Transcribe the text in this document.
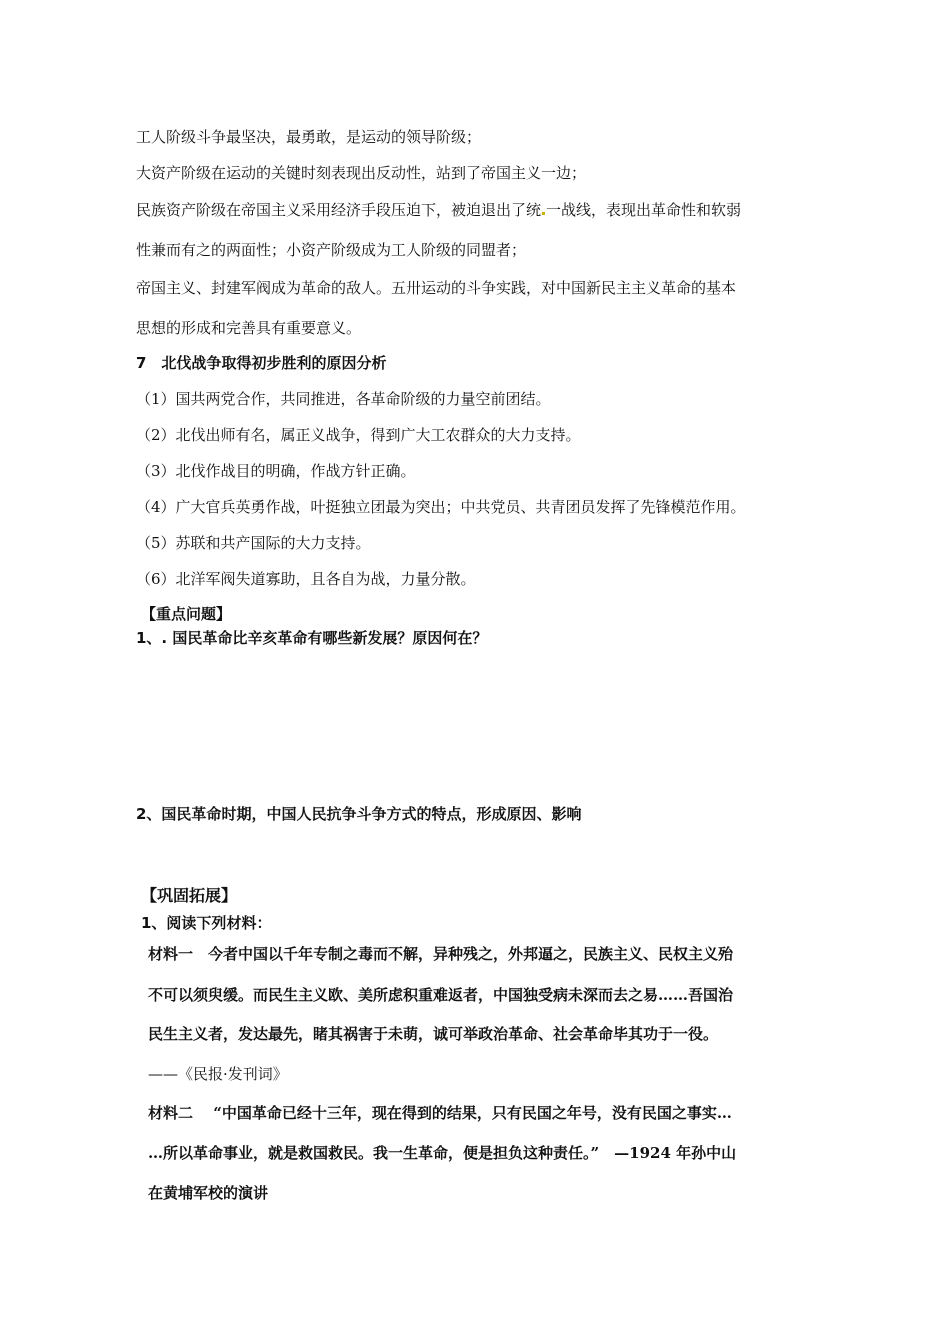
工人阶级斗争最坚决，最勇敢，是运动的领导阶级；
大资产阶级在运动的关键时刻表现出反动性，站到了帝国主义一边；
民族资产阶级在帝国主义采用经济手段压迫下，被迫退出了统 一战线，表现出革命性和软弱
性兼而有之的两面性；小资产阶级成为工人阶级的同盟者；
帝国主义、封建军阀成为革命的敌人。五卅运动的斗争实践，对中国新民主主义革命的基本
思想的形成和完善具有重要意义。
7　北伐战争取得初步胜利的原因分析
（1）国共两党合作，共同推进，各革命阶级的力量空前团结。
（2）北伐出师有名，属正义战争，得到广大工农群众的大力支持。
（3）北伐作战目的明确，作战方针正确。
（4）广大官兵英勇作战，叶挺独立团最为突出；中共党员、共青团员发挥了先锋模范作用。
（5）苏联和共产国际的大力支持。
（6）北洋军阀失道寡助，且各自为战，力量分散。
【重点问题】
1、. 国民革命比辛亥革命有哪些新发展？原因何在？
2、国民革命时期，中国人民抗争斗争方式的特点，形成原因、影响
【巩固拓展】
1、阅读下列材料：
材料一　今者中国以千年专制之毒而不解，异种残之，外邦逼之，民族主义、民权主义殆
不可以须臾缓。而民生主义欧、美所虑积重难返者，中国独受病未深而去之易……吾国治
民生主义者，发达最先，睹其祸害于未萌，诚可举政治革命、社会革命毕其功于一役。
——《民报·发刊词》
材料二　 “中国革命已经十三年，现在得到的结果，只有民国之年号，没有民国之事实…
…所以革命事业，就是救国救民。我一生革命，便是担负这种责任。”　—1924 年孙中山
在黄埔军校的演讲
